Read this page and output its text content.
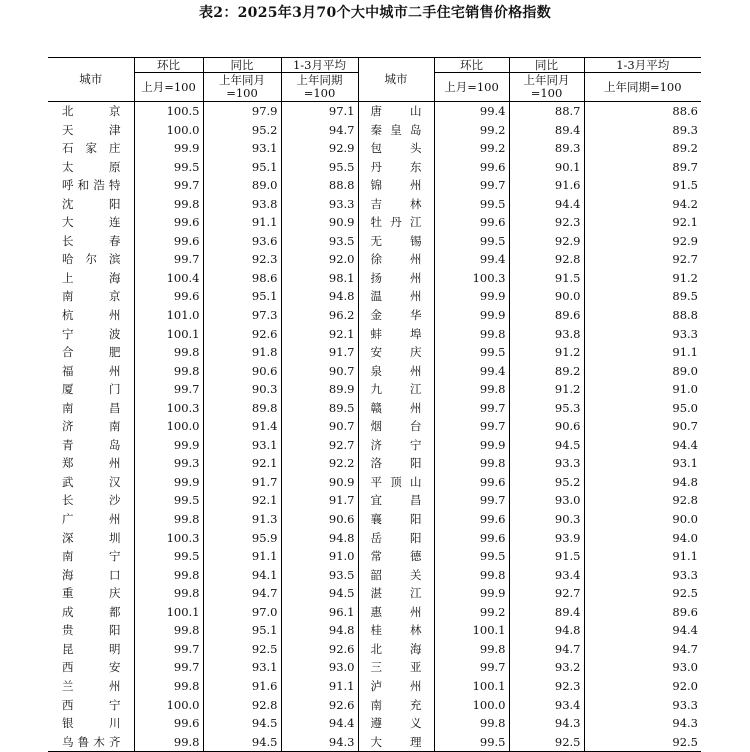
表2：2025年3月70个大中城市二手住宅销售价格指数
城市	环比	同比	1-3月平均	城市	环比	同比	1-3月平均
	上月=100	上年同月=100	上年同期=100		上月=100	上年同月=100	上年同期=100
北京	100.5	97.9	97.1	唐山	99.4	88.7	88.6
天津	100.0	95.2	94.7	秦皇岛	99.2	89.4	89.3
石家庄	99.9	93.1	92.9	包头	99.2	89.3	89.2
太原	99.5	95.1	95.5	丹东	99.6	90.1	89.7
呼和浩特	99.7	89.0	88.8	锦州	99.7	91.6	91.5
沈阳	99.8	93.8	93.3	吉林	99.5	94.4	94.2
大连	99.6	91.1	90.9	牡丹江	99.6	92.3	92.1
长春	99.6	93.6	93.5	无锡	99.5	92.9	92.9
哈尔滨	99.7	92.3	92.0	徐州	99.4	92.8	92.7
上海	100.4	98.6	98.1	扬州	100.3	91.5	91.2
南京	99.6	95.1	94.8	温州	99.9	90.0	89.5
杭州	101.0	97.3	96.2	金华	99.9	89.6	88.8
宁波	100.1	92.6	92.1	蚌埠	99.8	93.8	93.3
合肥	99.8	91.8	91.7	安庆	99.5	91.2	91.1
福州	99.8	90.6	90.7	泉州	99.4	89.2	89.0
厦门	99.7	90.3	89.9	九江	99.8	91.2	91.0
南昌	100.3	89.8	89.5	赣州	99.7	95.3	95.0
济南	100.0	91.4	90.7	烟台	99.7	90.6	90.7
青岛	99.9	93.1	92.7	济宁	99.9	94.5	94.4
郑州	99.3	92.1	92.2	洛阳	99.8	93.3	93.1
武汉	99.9	91.7	90.9	平顶山	99.6	95.2	94.8
长沙	99.5	92.1	91.7	宜昌	99.7	93.0	92.8
广州	99.8	91.3	90.6	襄阳	99.6	90.3	90.0
深圳	100.3	95.9	94.8	岳阳	99.6	93.9	94.0
南宁	99.5	91.1	91.0	常德	99.5	91.5	91.1
海口	99.8	94.1	93.5	韶关	99.8	93.4	93.3
重庆	99.8	94.7	94.5	湛江	99.9	92.7	92.5
成都	100.1	97.0	96.1	惠州	99.2	89.4	89.6
贵阳	99.8	95.1	94.8	桂林	100.1	94.8	94.4
昆明	99.7	92.5	92.6	北海	99.8	94.7	94.7
西安	99.7	93.1	93.0	三亚	99.7	93.2	93.0
兰州	99.8	91.6	91.1	泸州	100.1	92.3	92.0
西宁	100.0	92.8	92.6	南充	100.0	93.4	93.3
银川	99.6	94.5	94.4	遵义	99.8	94.3	94.3
乌鲁木齐	99.8	94.5	94.3	大理	99.5	92.5	92.5
